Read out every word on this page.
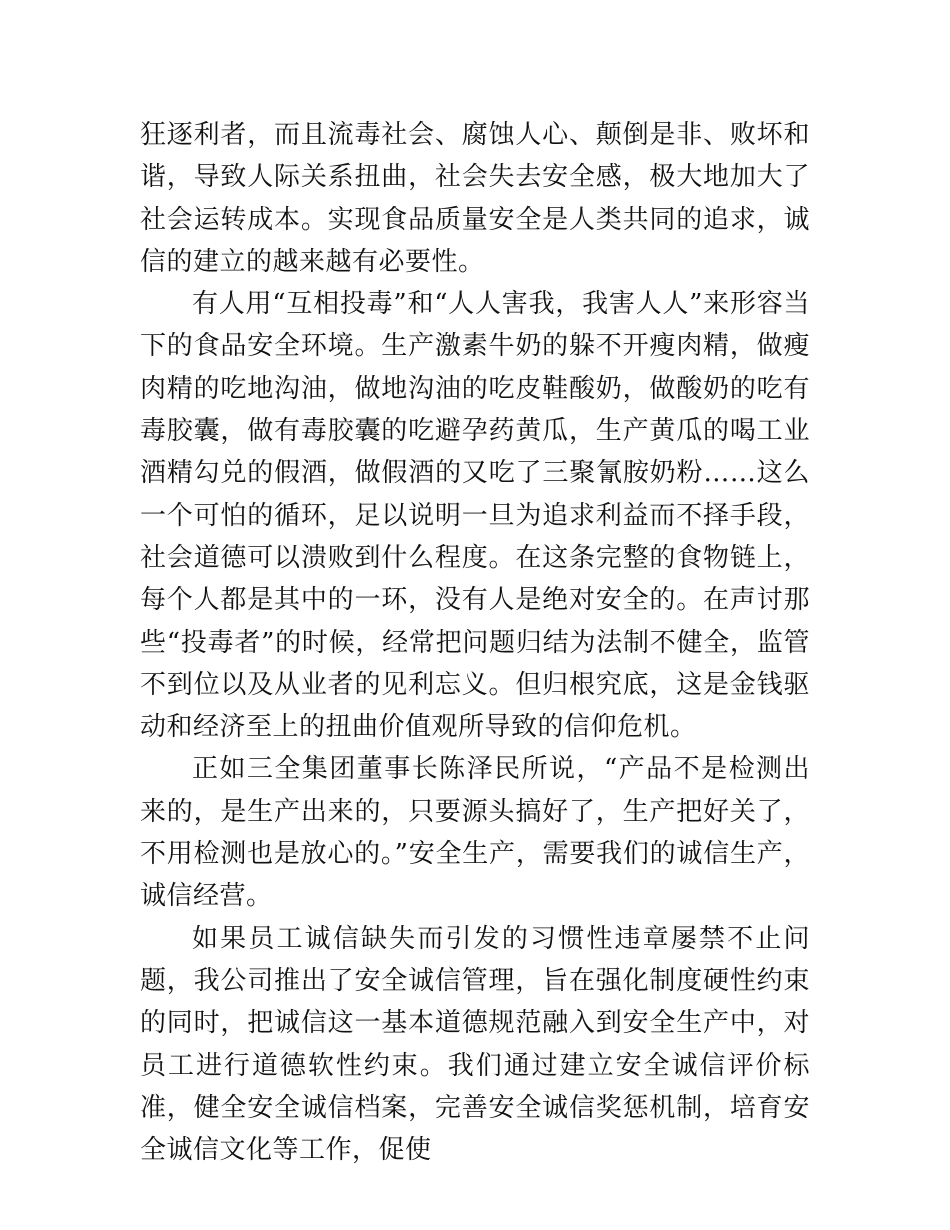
狂逐利者，而且流毒社会、腐蚀人心、颠倒是非、败坏和谐，导致人际关系扭曲，社会失去安全感，极大地加大了社会运转成本。实现食品质量安全是人类共同的追求，诚信的建立的越来越有必要性。

有人用“互相投毒”和“人人害我，我害人人”来形容当下的食品安全环境。生产激素牛奶的躲不开瘦肉精，做瘦肉精的吃地沟油，做地沟油的吃皮鞋酸奶，做酸奶的吃有毒胶囊，做有毒胶囊的吃避孕药黄瓜，生产黄瓜的喝工业酒精勾兑的假酒，做假酒的又吃了三聚氰胺奶粉……这么一个可怕的循环，足以说明一旦为追求利益而不择手段，社会道德可以溃败到什么程度。在这条完整的食物链上，每个人都是其中的一环，没有人是绝对安全的。在声讨那些“投毒者”的时候，经常把问题归结为法制不健全，监管不到位以及从业者的见利忘义。但归根究底，这是金钱驱动和经济至上的扭曲价值观所导致的信仰危机。

正如三全集团董事长陈泽民所说，“产品不是检测出来的，是生产出来的，只要源头搞好了，生产把好关了，不用检测也是放心的。”安全生产，需要我们的诚信生产，诚信经营。

如果员工诚信缺失而引发的习惯性违章屡禁不止问题，我公司推出了安全诚信管理，旨在强化制度硬性约束的同时，把诚信这一基本道德规范融入到安全生产中，对员工进行道德软性约束。我们通过建立安全诚信评价标准，健全安全诚信档案，完善安全诚信奖惩机制，培育安全诚信文化等工作，促使
